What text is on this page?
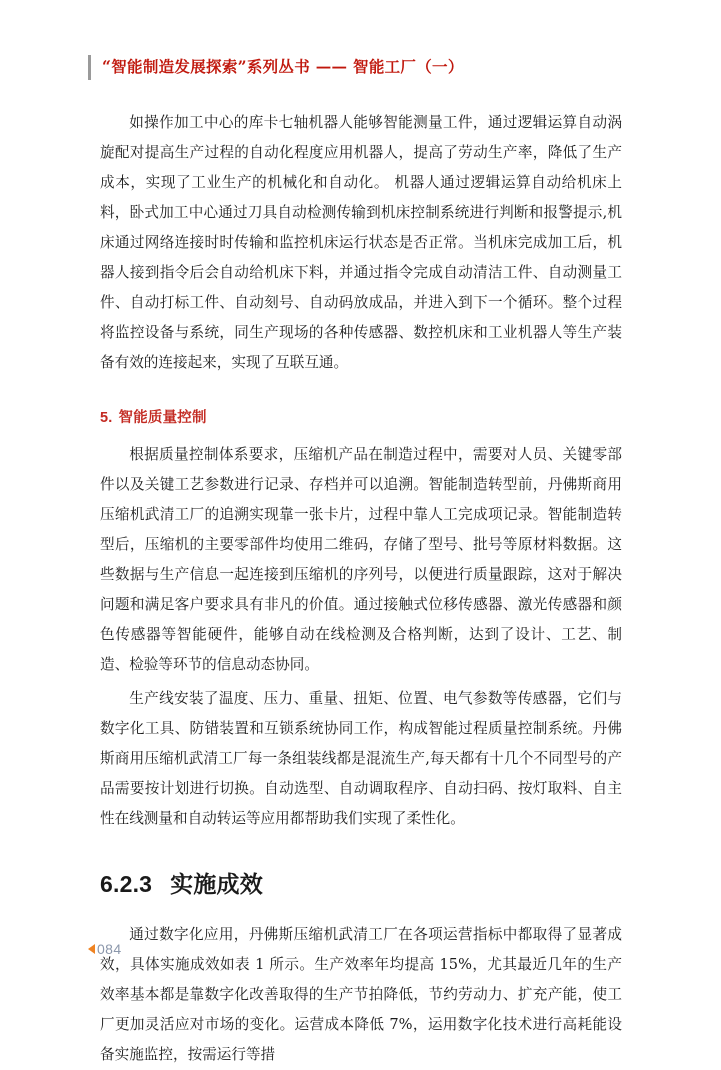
“智能制造发展探索”系列丛书 —— 智能工厂（一）

如操作加工中心的库卡七轴机器人能够智能测量工件，通过逻辑运算自动涡旋配对提高生产过程的自动化程度应用机器人，提高了劳动生产率，降低了生产成本，实现了工业生产的机械化和自动化。 机器人通过逻辑运算自动给机床上料，卧式加工中心通过刀具自动检测传输到机床控制系统进行判断和报警提示,机床通过网络连接时时传输和监控机床运行状态是否正常。当机床完成加工后，机器人接到指令后会自动给机床下料，并通过指令完成自动清洁工件、自动测量工件、自动打标工件、自动刻号、自动码放成品，并进入到下一个循环。整个过程将监控设备与系统，同生产现场的各种传感器、数控机床和工业机器人等生产装备有效的连接起来，实现了互联互通。

5. 智能质量控制

根据质量控制体系要求，压缩机产品在制造过程中，需要对人员、关键零部件以及关键工艺参数进行记录、存档并可以追溯。智能制造转型前，丹佛斯商用压缩机武清工厂的追溯实现靠一张卡片，过程中靠人工完成项记录。智能制造转型后，压缩机的主要零部件均使用二维码，存储了型号、批号等原材料数据。这些数据与生产信息一起连接到压缩机的序列号，以便进行质量跟踪，这对于解决问题和满足客户要求具有非凡的价值。通过接触式位移传感器、激光传感器和颜色传感器等智能硬件，能够自动在线检测及合格判断，达到了设计、工艺、制造、检验等环节的信息动态协同。

生产线安装了温度、压力、重量、扭矩、位置、电气参数等传感器，它们与数字化工具、防错装置和互锁系统协同工作，构成智能过程质量控制系统。丹佛斯商用压缩机武清工厂每一条组装线都是混流生产,每天都有十几个不同型号的产品需要按计划进行切换。自动选型、自动调取程序、自动扫码、按灯取料、自主性在线测量和自动转运等应用都帮助我们实现了柔性化。

6.2.3 实施成效

通过数字化应用，丹佛斯压缩机武清工厂在各项运营指标中都取得了显著成效，具体实施成效如表 1 所示。生产效率年均提高 15%，尤其最近几年的生产效率基本都是靠数字化改善取得的生产节拍降低，节约劳动力、扩充产能，使工厂更加灵活应对市场的变化。运营成本降低 7%，运用数字化技术进行高耗能设备实施监控，按需运行等措

084
